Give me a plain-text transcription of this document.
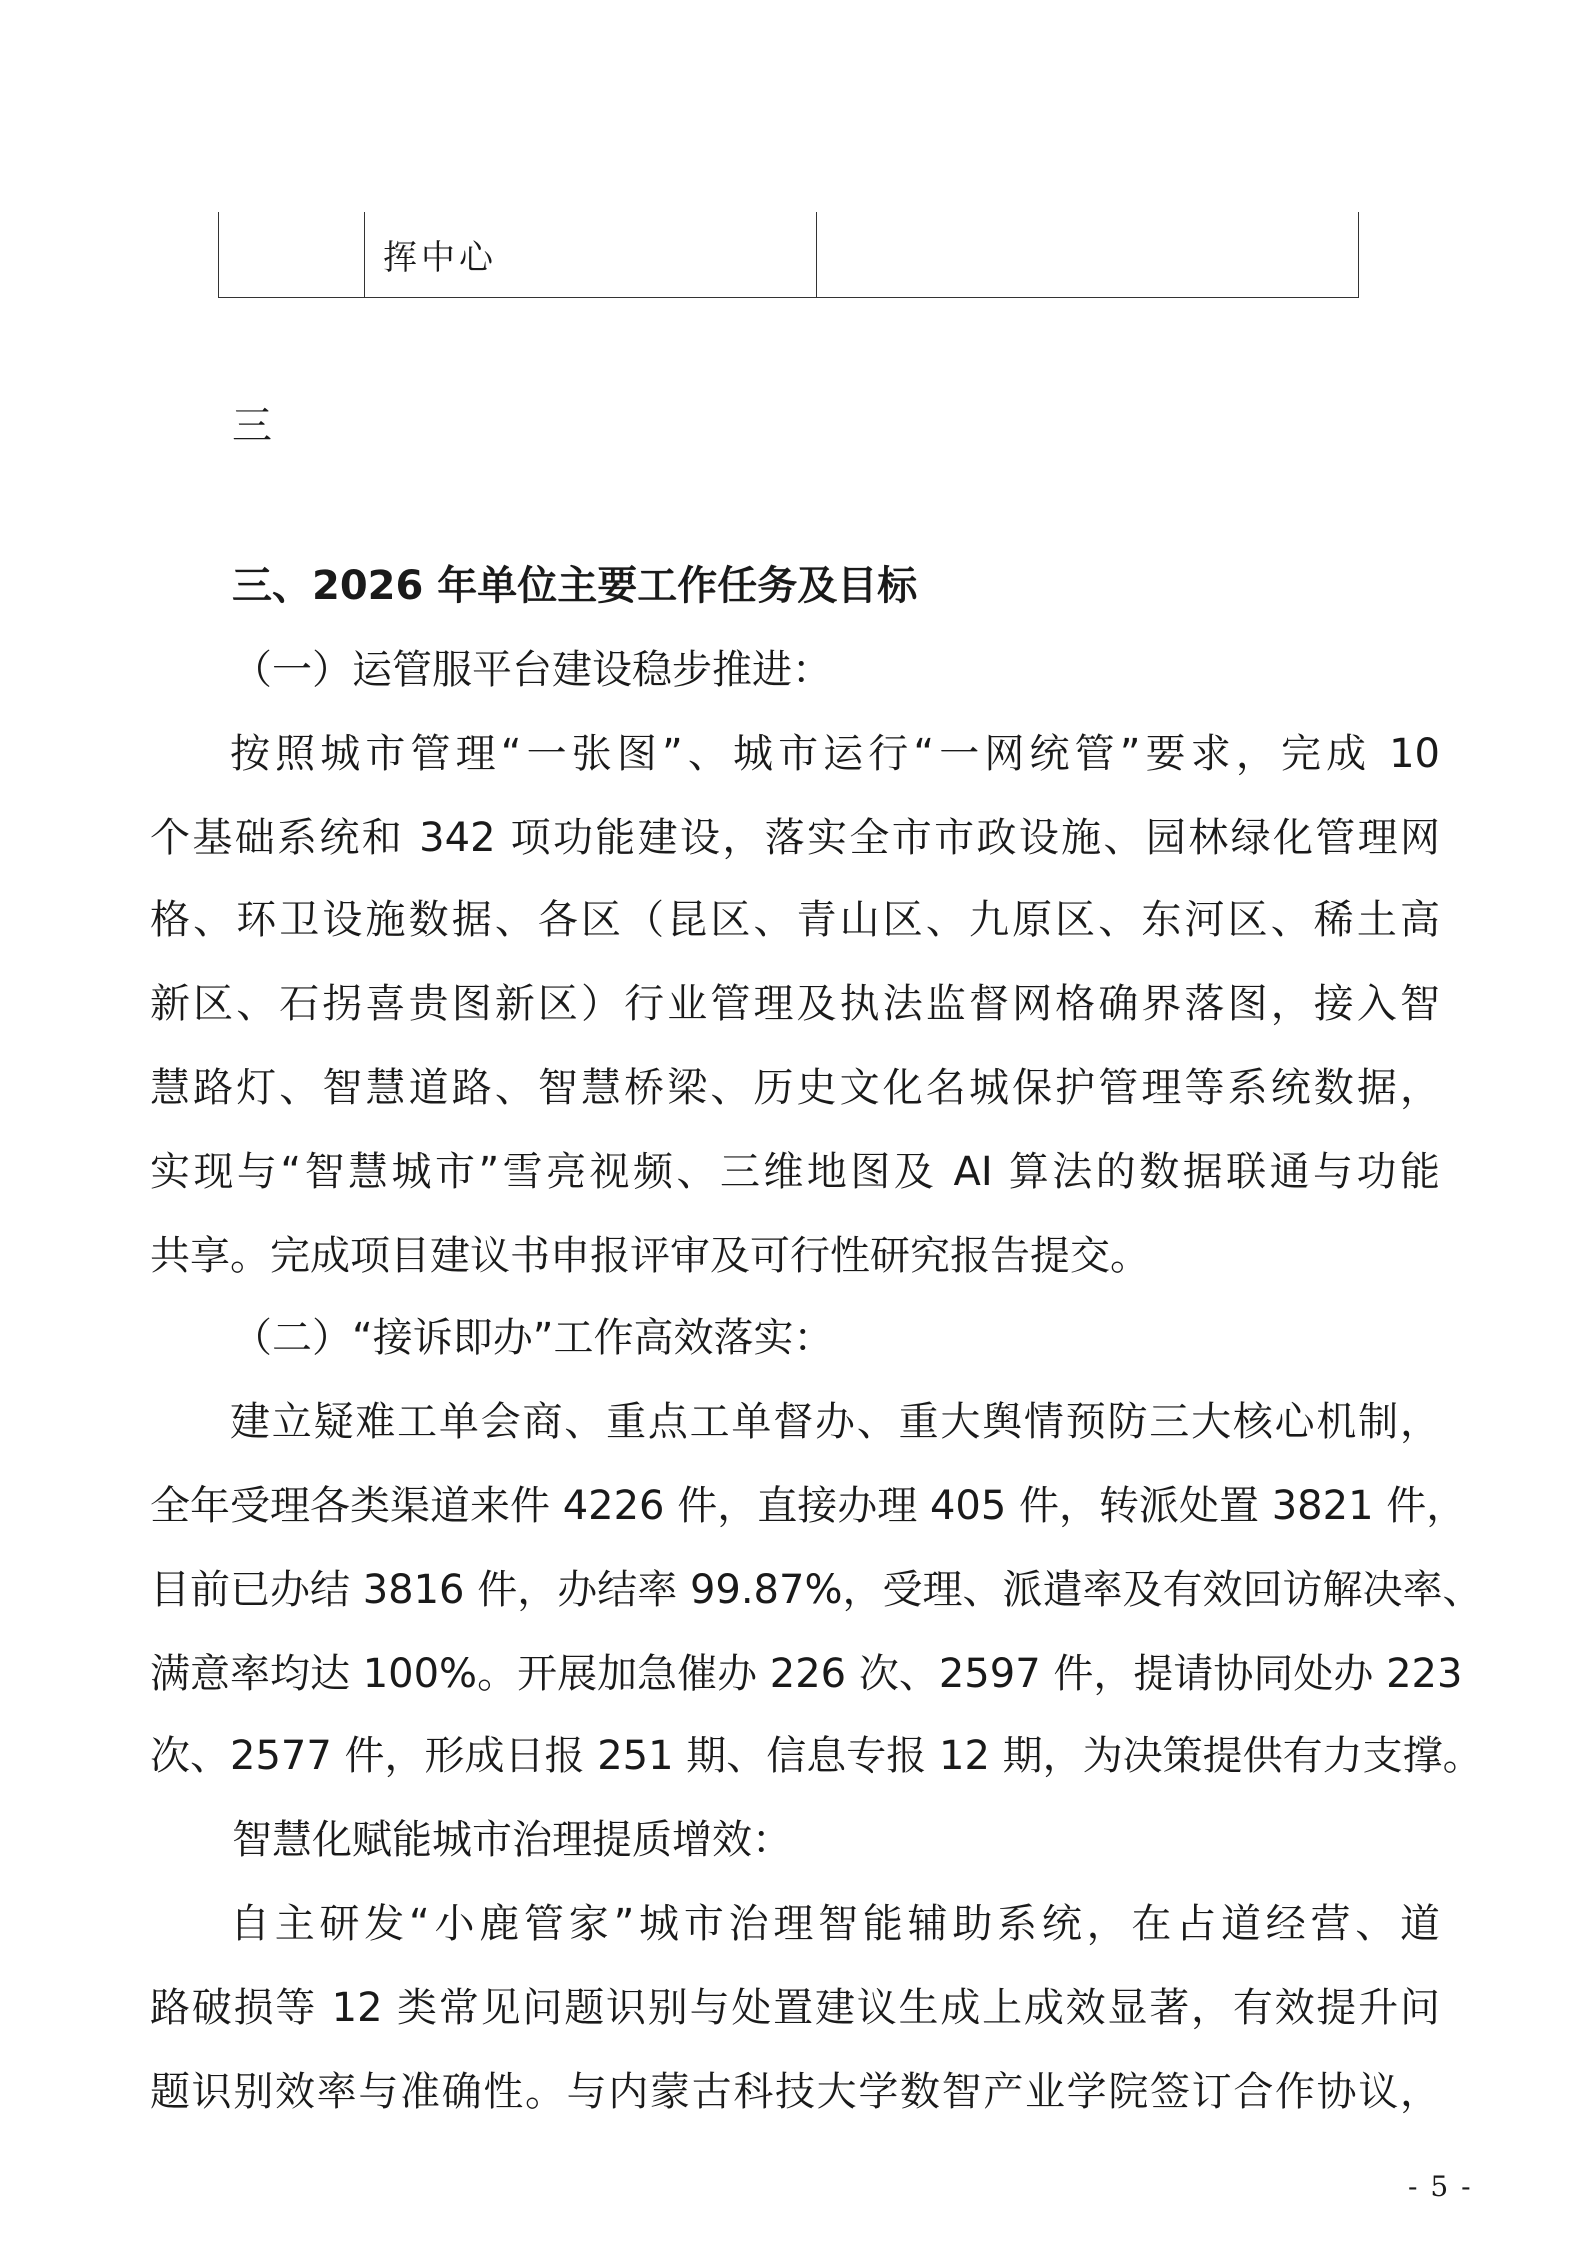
	挥中心	
三
三、2026 年单位主要工作任务及目标
（一）运管服平台建设稳步推进：
按照城市管理“一张图”、城市运行“一网统管”要求，完成 10
个基础系统和 342 项功能建设，落实全市市政设施、园林绿化管理网
格、环卫设施数据、各区（昆区、青山区、九原区、东河区、稀土高
新区、石拐喜贵图新区）行业管理及执法监督网格确界落图，接入智
慧路灯、智慧道路、智慧桥梁、历史文化名城保护管理等系统数据，
实现与“智慧城市”雪亮视频、三维地图及 AI 算法的数据联通与功能
共享。完成项目建议书申报评审及可行性研究报告提交。
（二）“接诉即办”工作高效落实：
建立疑难工单会商、重点工单督办、重大舆情预防三大核心机制，
全年受理各类渠道来件 4226 件，直接办理 405 件，转派处置 3821 件，
目前已办结 3816 件，办结率 99.87%，受理、派遣率及有效回访解决率、
满意率均达 100%。开展加急催办 226 次、2597 件，提请协同处办 223
次、2577 件，形成日报 251 期、信息专报 12 期，为决策提供有力支撑。
智慧化赋能城市治理提质增效：
自主研发“小鹿管家”城市治理智能辅助系统，在占道经营、道
路破损等 12 类常见问题识别与处置建议生成上成效显著，有效提升问
题识别效率与准确性。与内蒙古科技大学数智产业学院签订合作协议，
- 5 -
